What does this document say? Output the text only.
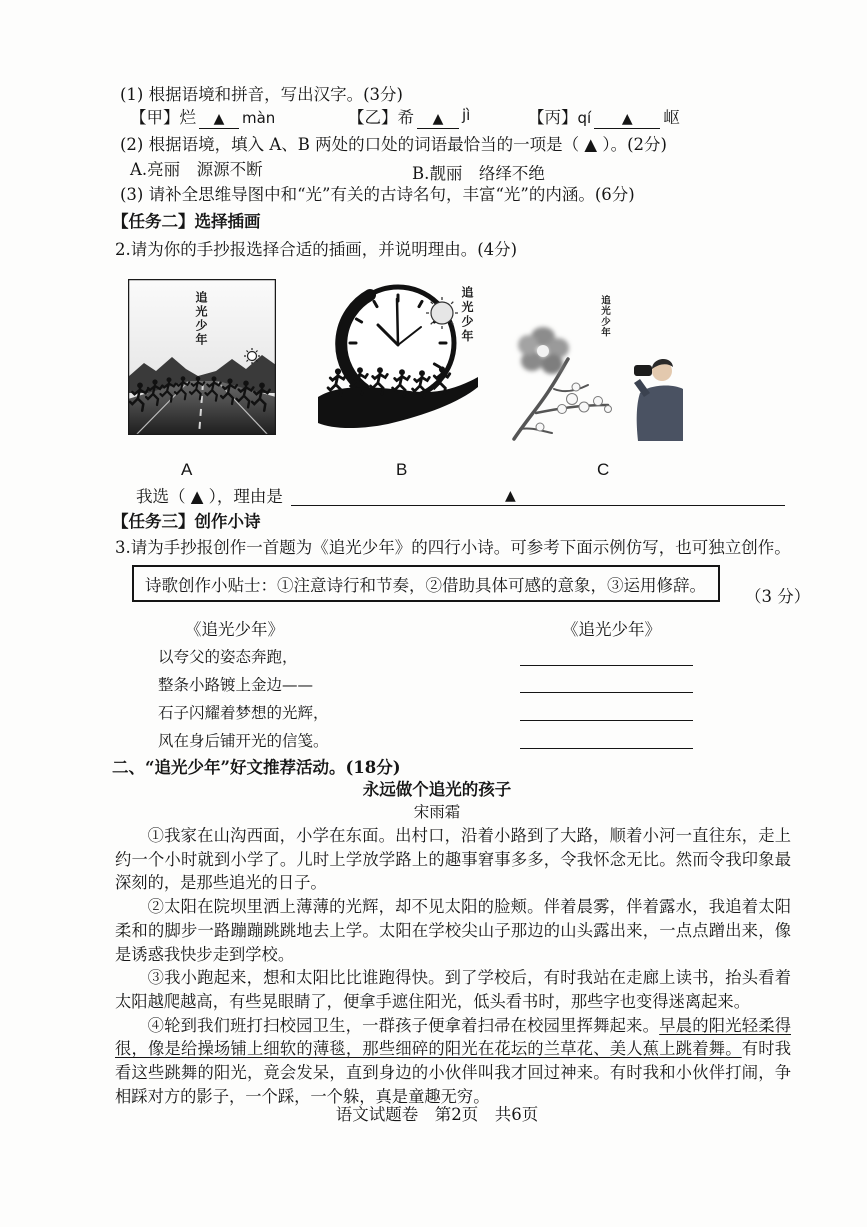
(1) 根据语境和拼音，写出汉字。(3分)
【甲】 烂	▲	màn	【乙】 希	▲	jì	【丙】 qí	▲	岖
(2) 根据语境，填入 A、B 两处的口处的词语最恰当的一项是（ ▲ ）。(2分)
A.亮丽　源源不断	B.靓丽　络绎不绝
(3) 请补全思维导图中和“光”有关的古诗名句，丰富“光”的内涵。(6分)
【任务二】选择插画
2.请为你的手抄报选择合适的插画，并说明理由。(4分)
追光少年	追光少年	追光少年
A	B	C
我选（ ▲ ），理由是	▲
【任务三】创作小诗
3.请为手抄报创作一首题为《追光少年》的四行小诗。可参考下面示例仿写，也可独立创作。
诗歌创作小贴士：①注意诗行和节奏，②借助具体可感的意象，③运用修辞。
（3 分）
《追光少年》
以夸父的姿态奔跑，
整条小路镀上金边——
石子闪耀着梦想的光辉，
风在身后铺开光的信笺。
《追光少年》
二、“追光少年”好文推荐活动。(18分)
永远做个追光的孩子
宋雨霜

①我家在山沟西面，小学在东面。出村口，沿着小路到了大路，顺着小河一直往东，走上约一个小时就到小学了。儿时上学放学路上的趣事窘事多多，令我怀念无比。然而令我印象最深刻的，是那些追光的日子。

②太阳在院坝里洒上薄薄的光辉，却不见太阳的脸颊。伴着晨雾，伴着露水，我追着太阳柔和的脚步一路蹦蹦跳跳地去上学。太阳在学校尖山子那边的山头露出来，一点点蹭出来，像是诱惑我快步走到学校。

③我小跑起来，想和太阳比比谁跑得快。到了学校后，有时我站在走廊上读书，抬头看着太阳越爬越高，有些晃眼睛了，便拿手遮住阳光，低头看书时，那些字也变得迷离起来。

④轮到我们班打扫校园卫生，一群孩子便拿着扫帚在校园里挥舞起来。早晨的阳光轻柔得很，像是给操场铺上细软的薄毯，那些细碎的阳光在花坛的兰草花、美人蕉上跳着舞。有时我看这些跳舞的阳光，竟会发呆，直到身边的小伙伴叫我才回过神来。有时我和小伙伴打闹，争相踩对方的影子，一个踩，一个躲，真是童趣无穷。

语文试题卷　第2页　共6页
